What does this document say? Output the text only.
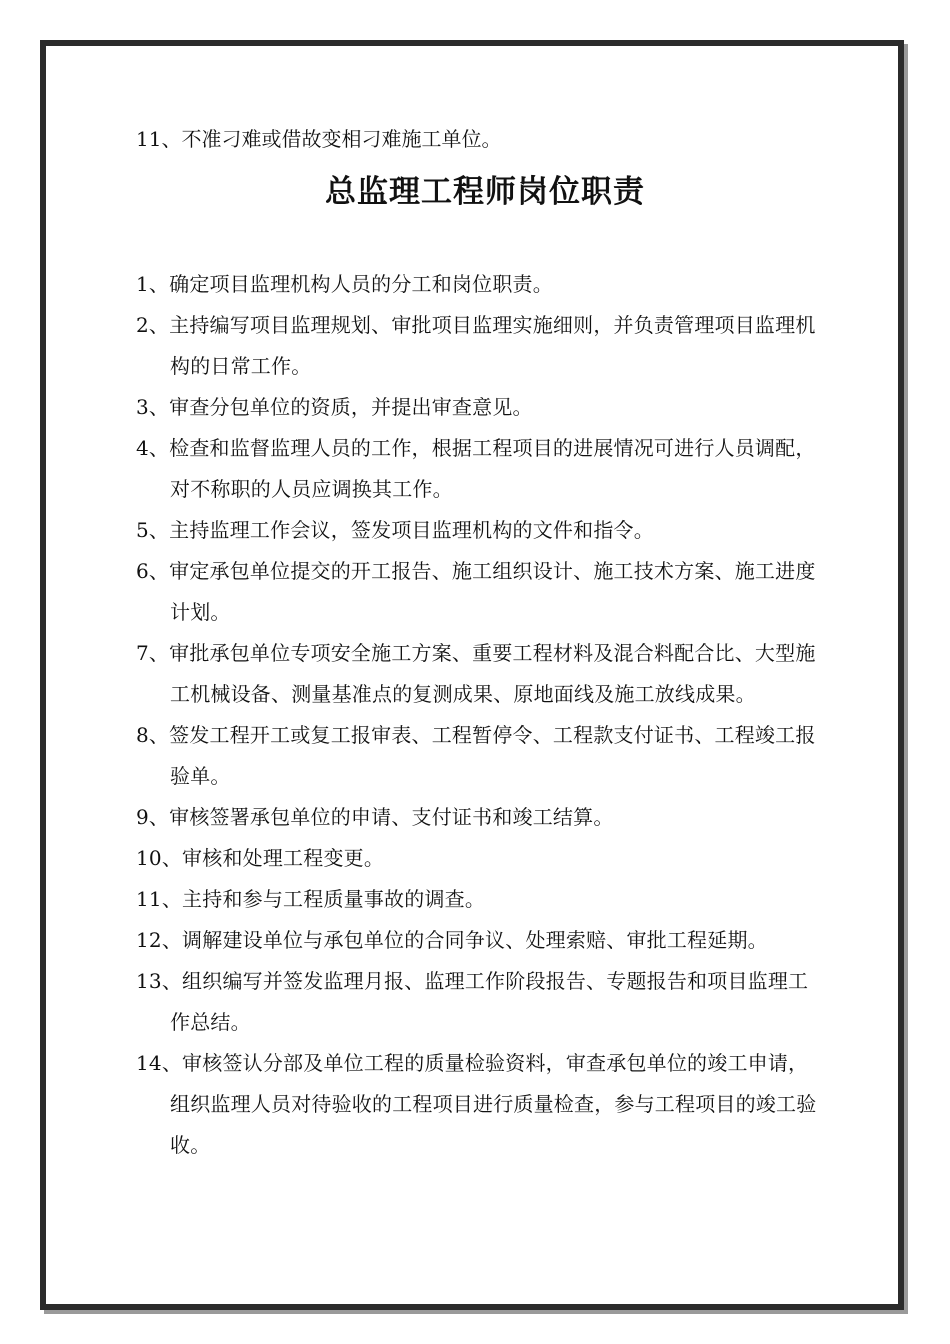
11、不准刁难或借故变相刁难施工单位。

总监理工程师岗位职责
1、确定项目监理机构人员的分工和岗位职责。
2、主持编写项目监理规划、审批项目监理实施细则，并负责管理项目监理机构的日常工作。
3、审查分包单位的资质，并提出审查意见。
4、检查和监督监理人员的工作，根据工程项目的进展情况可进行人员调配，对不称职的人员应调换其工作。
5、主持监理工作会议，签发项目监理机构的文件和指令。
6、审定承包单位提交的开工报告、施工组织设计、施工技术方案、施工进度计划。
7、审批承包单位专项安全施工方案、重要工程材料及混合料配合比、大型施工机械设备、测量基准点的复测成果、原地面线及施工放线成果。
8、签发工程开工或复工报审表、工程暂停令、工程款支付证书、工程竣工报验单。
9、审核签署承包单位的申请、支付证书和竣工结算。
10、审核和处理工程变更。
11、主持和参与工程质量事故的调查。
12、调解建设单位与承包单位的合同争议、处理索赔、审批工程延期。
13、组织编写并签发监理月报、监理工作阶段报告、专题报告和项目监理工作总结。
14、审核签认分部及单位工程的质量检验资料，审查承包单位的竣工申请，组织监理人员对待验收的工程项目进行质量检查，参与工程项目的竣工验收。
